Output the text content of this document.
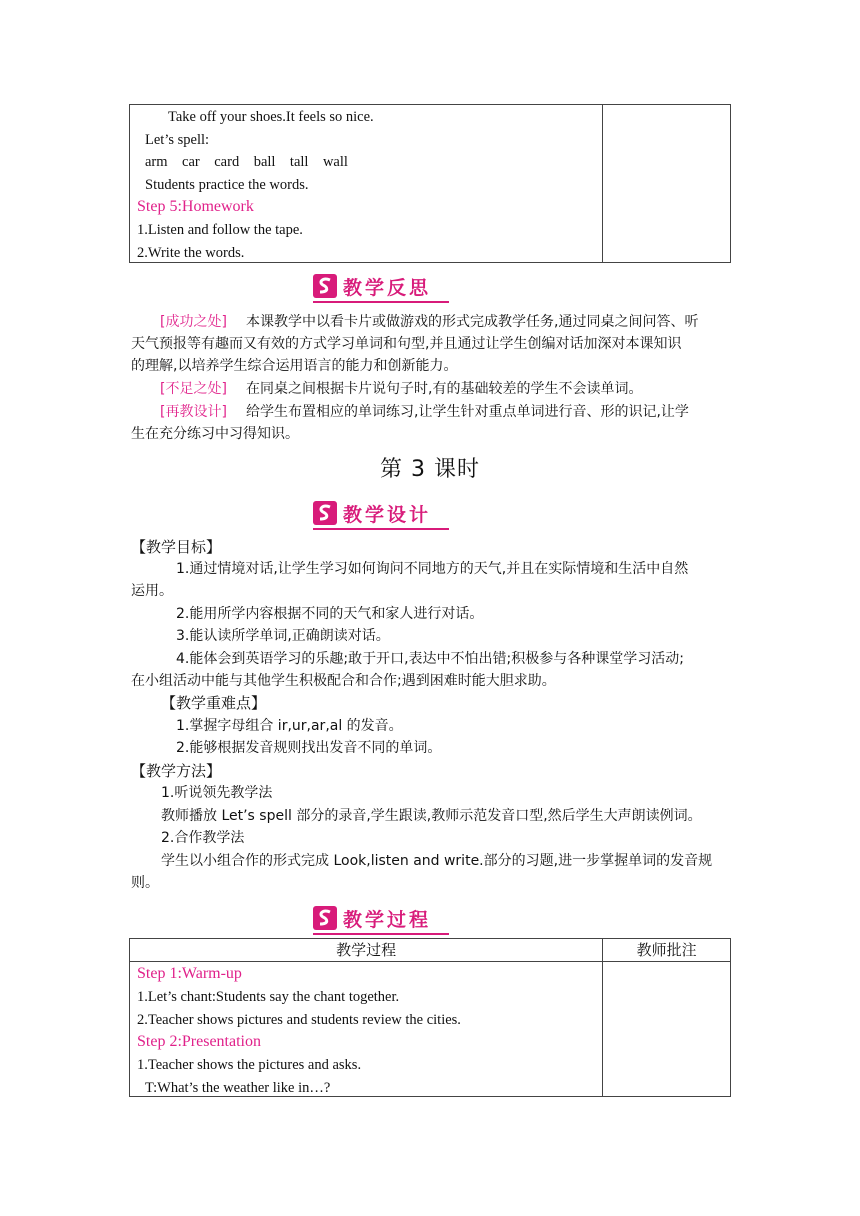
Take off your shoes.It feels so nice.
Let’s spell:
arm    car    card    ball    tall    wall
Students practice the words.
Step 5:Homework
1.Listen and follow the tape.
2.Write the words.
教学反思
[成功之处] 本课教学中以看卡片或做游戏的形式完成教学任务,通过同桌之间问答、听
天气预报等有趣而又有效的方式学习单词和句型,并且通过让学生创编对话加深对本课知识
的理解,以培养学生综合运用语言的能力和创新能力。
[不足之处] 在同桌之间根据卡片说句子时,有的基础较差的学生不会读单词。
[再教设计] 给学生布置相应的单词练习,让学生针对重点单词进行音、形的识记,让学
生在充分练习中习得知识。
第 3 课时
教学设计
【教学目标】
1.通过情境对话,让学生学习如何询问不同地方的天气,并且在实际情境和生活中自然
运用。
2.能用所学内容根据不同的天气和家人进行对话。
3.能认读所学单词,正确朗读对话。
4.能体会到英语学习的乐趣;敢于开口,表达中不怕出错;积极参与各种课堂学习活动;
在小组活动中能与其他学生积极配合和合作;遇到困难时能大胆求助。
【教学重难点】
1.掌握字母组合 ir,ur,ar,al 的发音。
2.能够根据发音规则找出发音不同的单词。
【教学方法】
1.听说领先教学法
教师播放 Let’s spell 部分的录音,学生跟读,教师示范发音口型,然后学生大声朗读例词。
2.合作教学法
学生以小组合作的形式完成 Look,listen and write.部分的习题,进一步掌握单词的发音规
则。
教学过程
教学过程	教师批注

Step 1:Warm-up
1.Let’s chant:Students say the chant together.
2.Teacher shows pictures and students review the cities.
Step 2:Presentation
1.Teacher shows the pictures and asks.
T:What’s the weather like in…?
